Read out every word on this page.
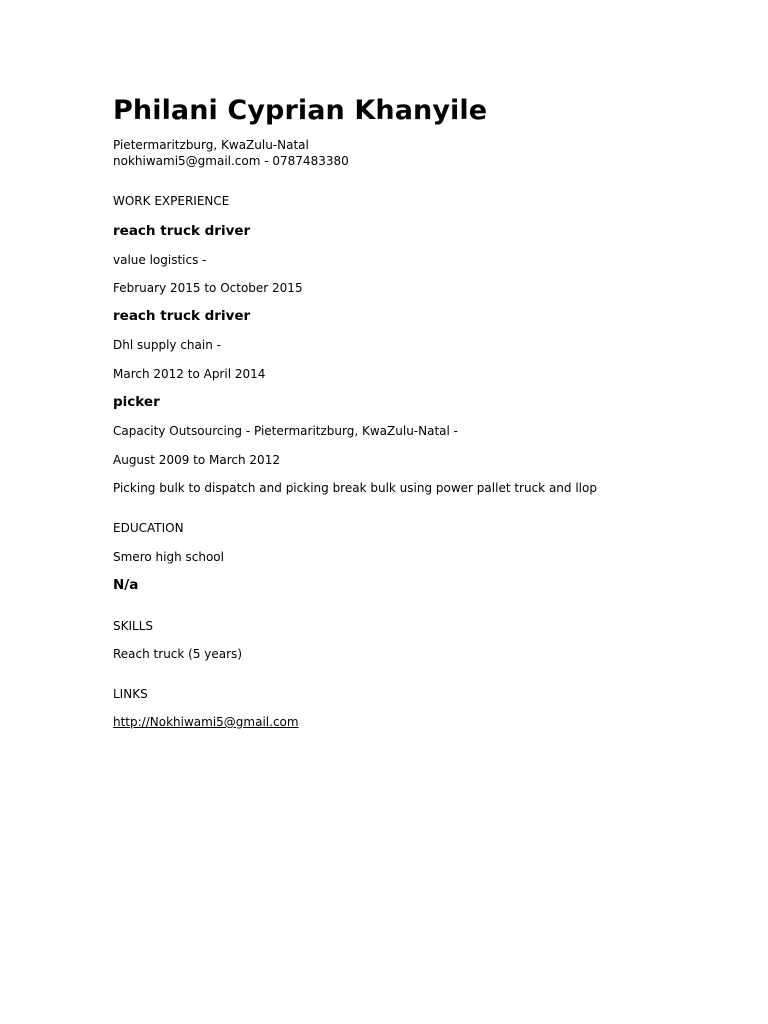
Philani Cyprian Khanyile

Pietermaritzburg, KwaZulu-Natal

nokhiwami5@gmail.com - 0787483380

WORK EXPERIENCE

reach truck driver

value logistics -

February 2015 to October 2015

reach truck driver

Dhl supply chain -

March 2012 to April 2014

picker

Capacity Outsourcing - Pietermaritzburg, KwaZulu-Natal -

August 2009 to March 2012

Picking bulk to dispatch and picking break bulk using power pallet truck and llop

EDUCATION

Smero high school

N/a

SKILLS

Reach truck (5 years)

LINKS

http://Nokhiwami5@gmail.com
